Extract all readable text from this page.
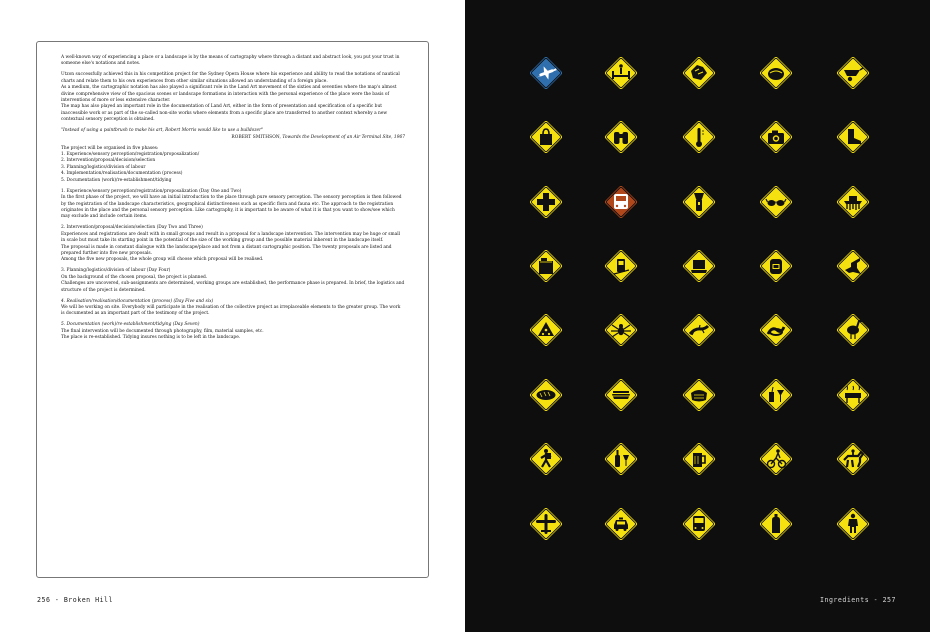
A well-known way of experiencing a place or a landscape is by the means of cartography where through a distant and abstract look, you put your trust in someone else's notations and notes.

Utzon successfully achieved this in his competition project for the Sydney Opera House where his experience and ability to read the notations of nautical charts and relate them to his own experiences from other similar situations allowed an understanding of a foreign place.

As a medium, the cartographic notation has also played a significant role in the Land Art movement of the sixties and seventies where the map's almost divine comprehensive view of the spacious scenes or landscape formations in interaction with the personal experience of the place were the basis of interventions of more or less extensive character.

The map has also played an important role in the documentation of Land Art, either in the form of presentation and specification of a specific but inaccessible work or as part of the so-called non-site works where elements from a specific place are transferred to another context whereby a new contextual sensory perception is obtained.

"Instead of using a paintbrush to make his art, Robert Morris would like to use a bulldozer"

ROBERT SMITHSON, Towards the Development of an Air Terminal Site, 1967

The project will be organised in five phases:

1. Experience/sensory perception/registration/proposalization/

2. Intervention/proposal/decision/selection

3. Planning/logistics/division of labour

4. Implementation/realisation/documentation (process)

5. Documentation (work)/re-establishment/tidying

1. Experience/sensory perception/registration/proposalization (Day One and Two)

In the first phase of the project, we will have an initial introduction to the place through pure sensory perception. The sensory perception is then followed by the registration of the landscape characteristics, geographical distinctiveness such as specific flora and fauna etc. The approach to the registration originates in the place and the personal sensory perception. Like cartography, it is important to be aware of what it is that you want to show/see which may exclude and include certain items.

2. Intervention/proposal/decision/selection (Day Two and Three)

Experiences and registrations are dealt with in small groups and result in a proposal for a landscape intervention. The intervention may be huge or small in scale but must take its starting point in the potential of the size of the working group and the possible material inherent in the landscape itself.

The proposal is made in constant dialogue with the landscape/place and not from a distant cartographic position. The twenty proposals are listed and prepared further into five new proposals.

Among the five new proposals, the whole group will choose which proposal will be realised.

3. Planning/logistics/division of labour (Day Four)

On the background of the chosen proposal, the project is planned.

Challenges are uncovered, sub-assignments are determined, working groups are established, the performance phase is prepared. In brief, the logistics and structure of the project is determined.

4. Realisation/realisation/documentation (process) (Day Five and six)

We will be working on site. Everybody will participate in the realisation of the collective project as irreplaceable elements to the greater group. The work is documented as an important part of the testimony of the project.

5. Documentation (work)/re-establishment/tidying (Day Seven)

The final intervention will be documented through photography, film, material samples, etc.

The place is re-established. Tidying insures nothing is to be left in the landscape.

256 - Broken Hill	Ingredients - 257
